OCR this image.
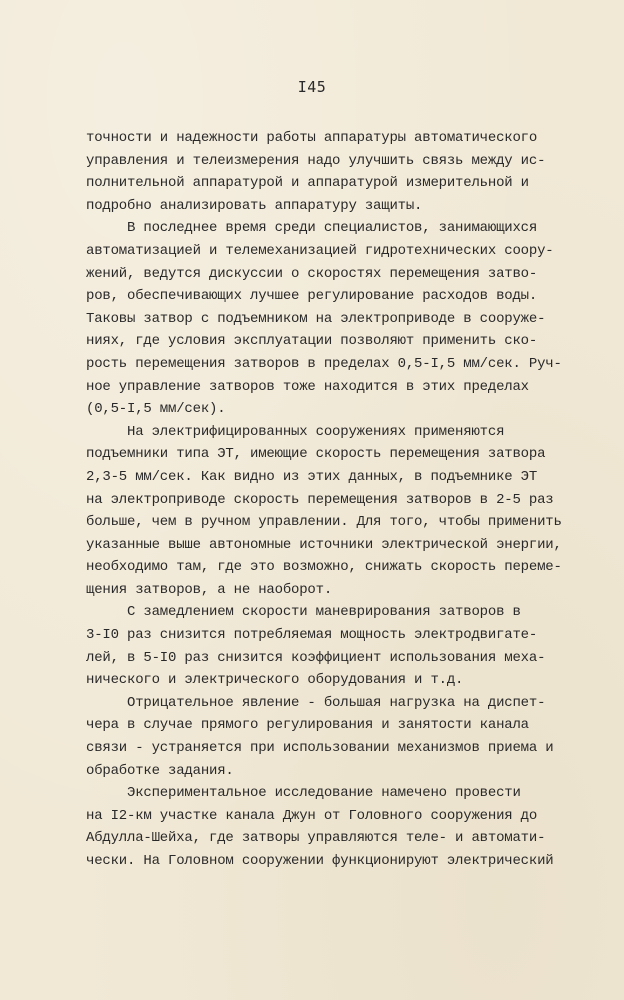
I45
точности и надежности работы аппаратуры автоматического
управления и телеизмерения надо улучшить связь между ис-
полнительной аппаратурой и аппаратурой измерительной и
подробно анализировать аппаратуру защиты.
В последнее время среди специалистов, занимающихся
автоматизацией и телемеханизацией гидротехнических соору-
жений, ведутся дискуссии о скоростях перемещения затво-
ров, обеспечивающих лучшее регулирование расходов воды.
Таковы затвор с подъемником на электроприводе в сооруже-
ниях, где условия эксплуатации позволяют применить ско-
рость перемещения затворов в пределах 0,5-I,5 мм/сек. Руч-
ное управление затворов тоже находится в этих пределах
(0,5-I,5 мм/сек).
На электрифицированных сооружениях применяются
подъемники типа ЭТ, имеющие скорость перемещения затвора
2,3-5 мм/сек. Как видно из этих данных, в подъемнике ЭТ
на электроприводе скорость перемещения затворов в 2-5 раз
больше, чем в ручном управлении. Для того, чтобы применить
указанные выше автономные источники электрической энергии,
необходимо там, где это возможно, снижать скорость переме-
щения затворов, а не наоборот.
С замедлением скорости маневрирования затворов в
3-I0 раз снизится потребляемая мощность электродвигате-
лей, в 5-I0 раз снизится коэффициент использования меха-
нического и электрического оборудования и т.д.
Отрицательное явление - большая нагрузка на диспет-
чера в случае прямого регулирования и занятости канала
связи - устраняется при использовании механизмов приема и
обработке задания.
Экспериментальное исследование намечено провести
на I2-км участке канала Джун от Головного сооружения до
Абдулла-Шейха, где затворы управляются теле- и автомати-
чески. На Головном сооружении функционируют электрический
